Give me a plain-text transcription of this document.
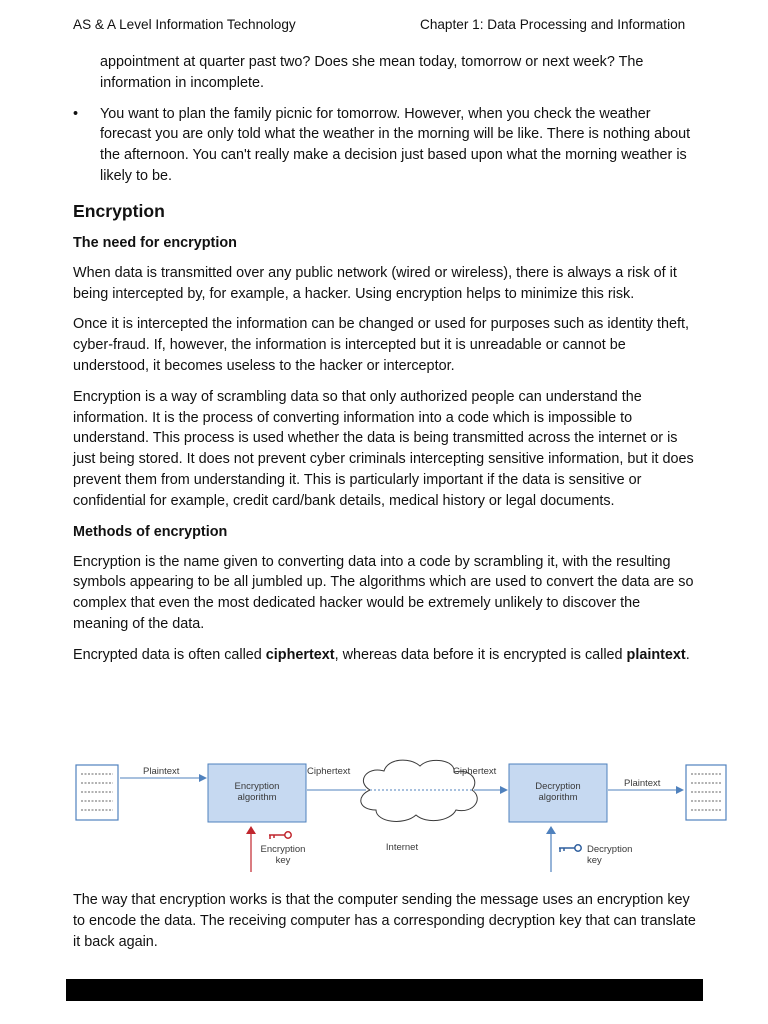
AS & A Level Information Technology	Chapter 1: Data Processing and Information

appointment at quarter past two? Does she mean today, tomorrow or next week? The information in incomplete.

• You want to plan the family picnic for tomorrow. However, when you check the weather forecast you are only told what the weather in the morning will be like. There is nothing about the afternoon. You can't really make a decision just based upon what the morning weather is likely to be.
Encryption
The need for encryption

When data is transmitted over any public network (wired or wireless), there is always a risk of it being intercepted by, for example, a hacker. Using encryption helps to minimize this risk.

Once it is intercepted the information can be changed or used for purposes such as identity theft, cyber-fraud. If, however, the information is intercepted but it is unreadable or cannot be understood, it becomes useless to the hacker or interceptor.

Encryption is a way of scrambling data so that only authorized people can understand the information. It is the process of converting information into a code which is impossible to understand. This process is used whether the data is being transmitted across the internet or is just being stored. It does not prevent cyber criminals intercepting sensitive information, but it does prevent them from understanding it. This is particularly important if the data is sensitive or confidential for example, credit card/bank details, medical history or legal documents.

Methods of encryption

Encryption is the name given to converting data into a code by scrambling it, with the resulting symbols appearing to be all jumbled up. The algorithms which are used to convert the data are so complex that even the most dedicated hacker would be extremely unlikely to discover the meaning of the data.

Encrypted data is often called ciphertext, whereas data before it is encrypted is called plaintext.

Plaintext
Encryption
algorithm
Ciphertext
Internet
Ciphertext
Decryption
algorithm
Plaintext
Encryption
key
Decryption
key

The way that encryption works is that the computer sending the message uses an encryption key to encode the data. The receiving computer has a corresponding decryption key that can translate it back again.
